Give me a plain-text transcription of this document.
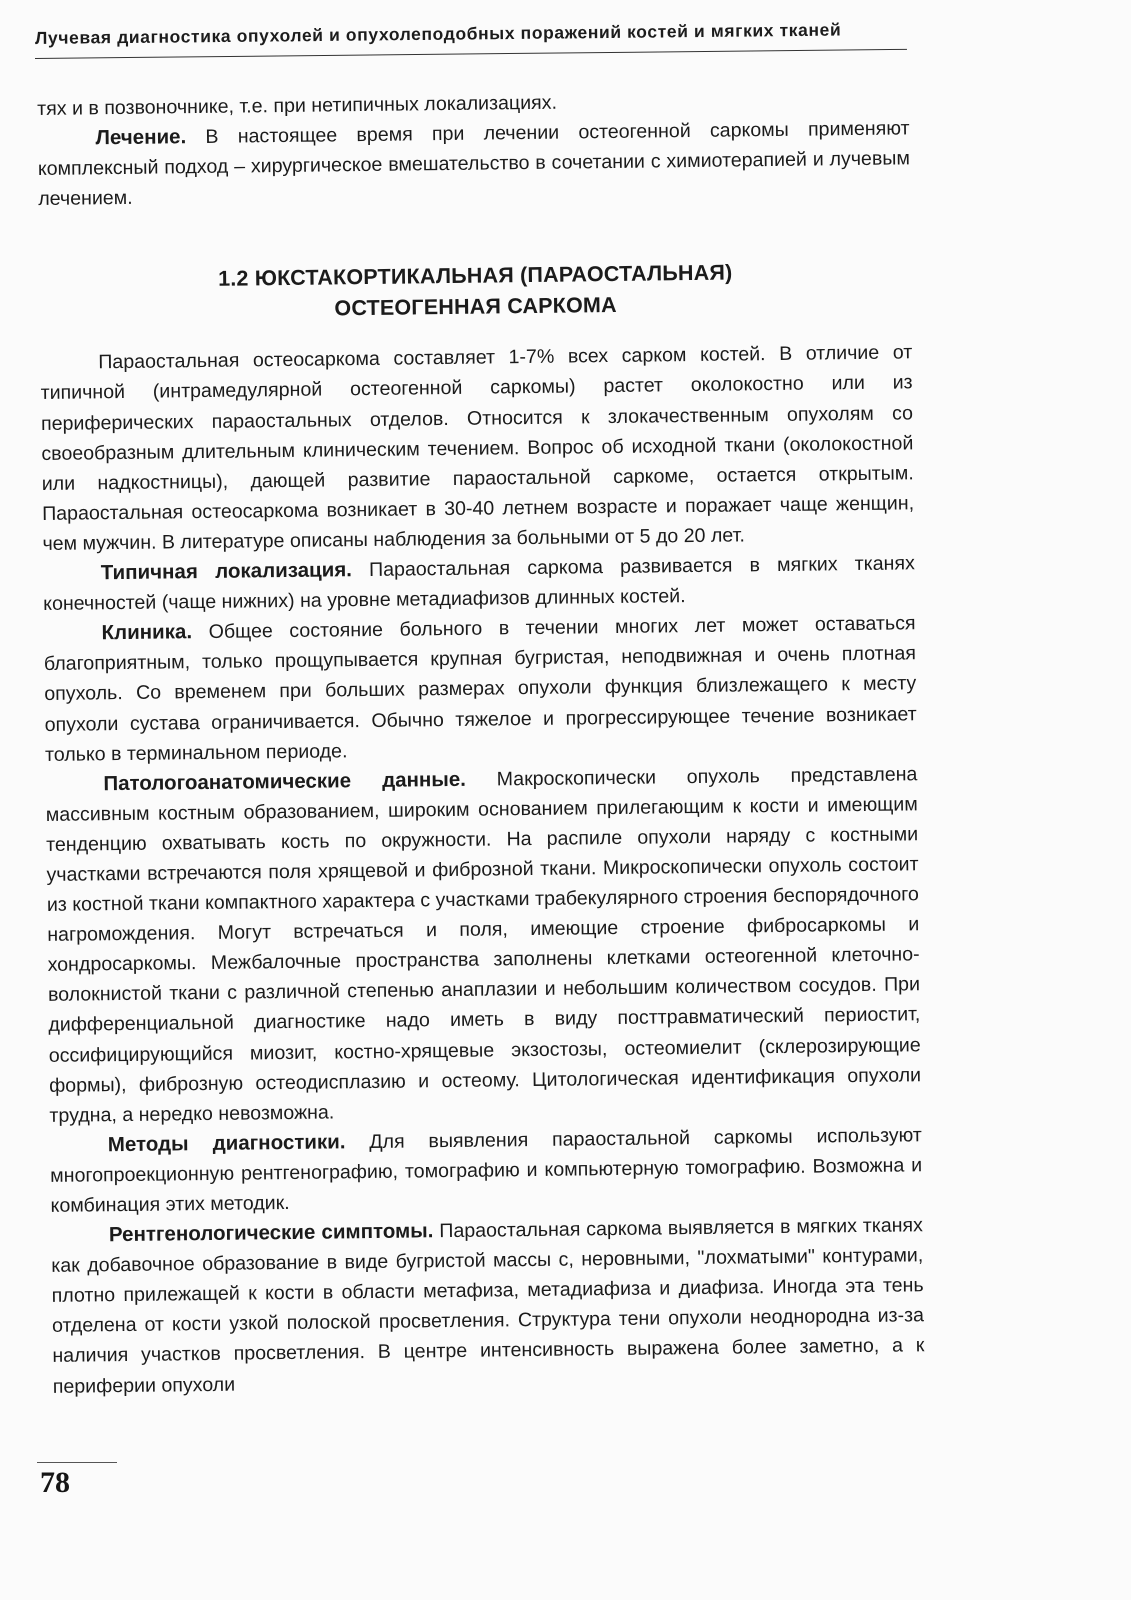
Лучевая диагностика опухолей и опухолеподобных поражений костей и мягких тканей

тях и в позвоночнике, т.е. при нетипичных локализациях.

Лечение. В настоящее время при лечении остеогенной саркомы применяют комплексный подход – хирургическое вмешательство в сочетании с химиотерапией и лучевым лечением.

1.2 ЮКСТАКОРТИКАЛЬНАЯ (ПАРАОСТАЛЬНАЯ)
ОСТЕОГЕННАЯ САРКОМА

Параостальная остеосаркома составляет 1-7% всех сарком костей. В отличие от типичной (интрамедулярной остеогенной саркомы) растет околокостно или из периферических параостальных отделов. Относится к злокачественным опухолям со своеобразным длительным клиническим течением. Вопрос об исходной ткани (околокостной или надкостницы), дающей развитие параостальной саркоме, остается открытым. Параостальная остеосаркома возникает в 30-40 летнем возрасте и поражает чаще женщин, чем мужчин. В литературе описаны наблюдения за больными от 5 до 20 лет.

Типичная локализация. Параостальная саркома развивается в мягких тканях конечностей (чаще нижних) на уровне метадиафизов длинных костей.

Клиника. Общее состояние больного в течении многих лет может оставаться благоприятным, только прощупывается крупная бугристая, неподвижная и очень плотная опухоль. Со временем при больших размерах опухоли функция близлежащего к месту опухоли сустава ограничивается. Обычно тяжелое и прогрессирующее течение возникает только в терминальном периоде.

Патологоанатомические данные. Макроскопически опухоль представлена массивным костным образованием, широким основанием прилегающим к кости и имеющим тенденцию охватывать кость по окружности. На распиле опухоли наряду с костными участками встречаются поля хрящевой и фиброзной ткани. Микроскопически опухоль состоит из костной ткани компактного характера с участками трабекулярного строения беспорядочного нагромождения. Могут встречаться и поля, имеющие строение фибросаркомы и хондросаркомы. Межбалочные пространства заполнены клетками остеогенной клеточно-волокнистой ткани с различной степенью анаплазии и небольшим количеством сосудов. При дифференциальной диагностике надо иметь в виду посттравматический периостит, оссифицирующийся миозит, костно-хрящевые экзостозы, остеомиелит (склерозирующие формы), фиброзную остеодисплазию и остеому. Цитологическая идентификация опухоли трудна, а нередко невозможна.

Методы диагностики. Для выявления параостальной саркомы используют многопроекционную рентгенографию, томографию и компьютерную томографию. Возможна и комбинация этих методик.

Рентгенологические симптомы. Параостальная саркома выявляется в мягких тканях как добавочное образование в виде бугристой массы с, неровными, "лохматыми" контурами, плотно прилежащей к кости в области метафиза, метадиафиза и диафиза. Иногда эта тень отделена от кости узкой полоской просветления. Структура тени опухоли неоднородна из-за наличия участков просветления. В центре интенсивность выражена более заметно, а к периферии опухоли

78
